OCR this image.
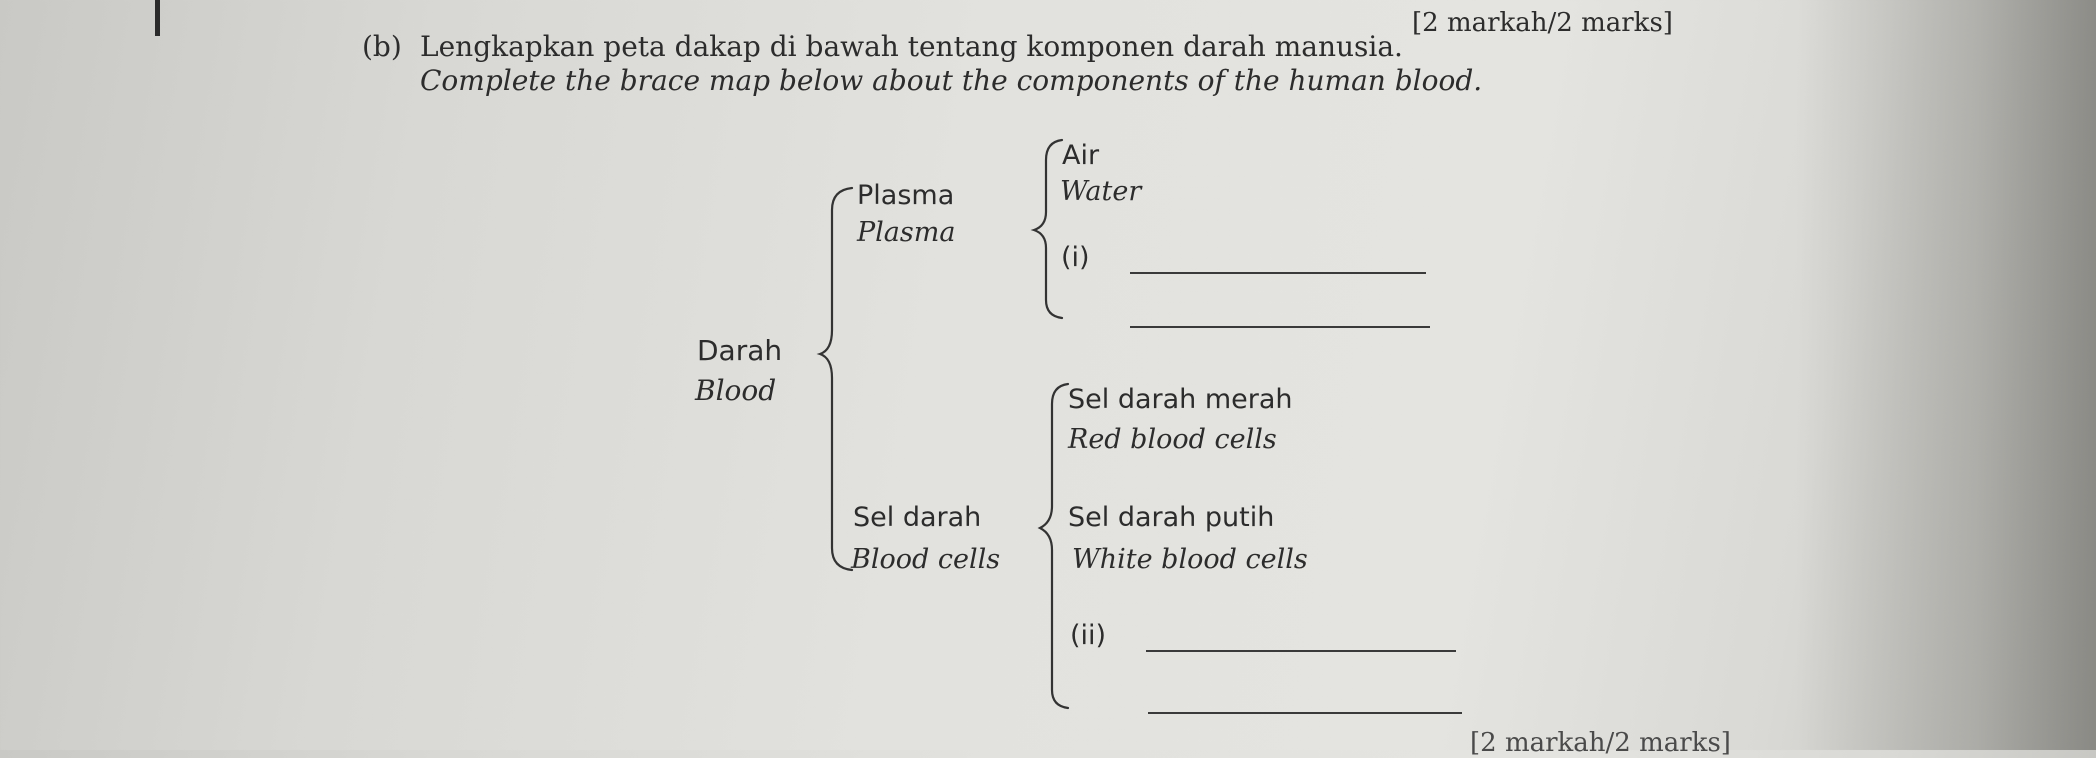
[2 markah/2 marks]
[2 markah/2 marks]
(b) Lengkapkan peta dakap di bawah tentang komponen darah manusia.
Complete the brace map below about the components of the human blood.
Darah
Blood
Plasma
Plasma
Air
Water
(i)
Sel darah
Blood cells
Sel darah merah
Red blood cells
Sel darah putih
White blood cells
(ii)
